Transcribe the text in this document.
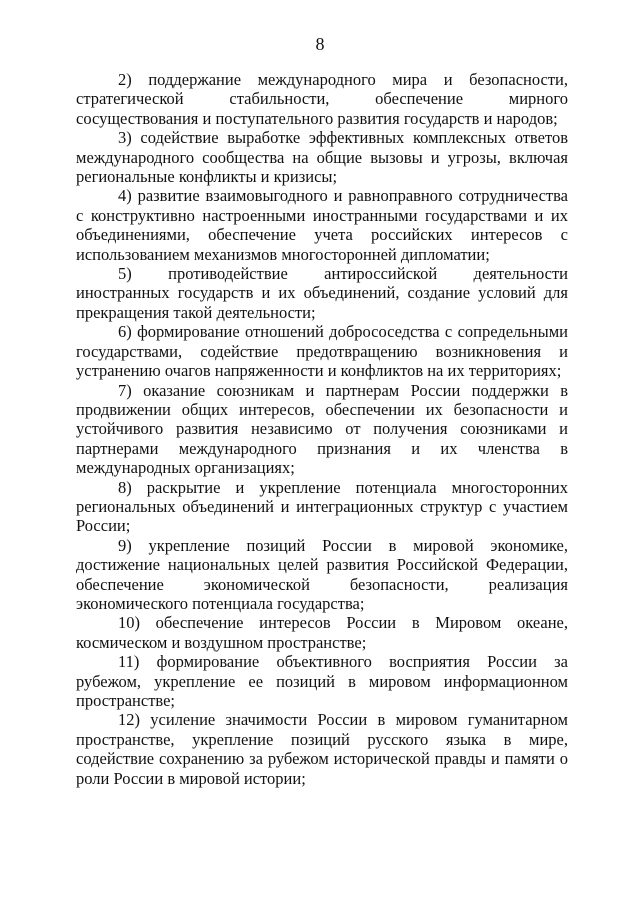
8

2) поддержание международного мира и безопасности, стратегической стабильности, обеспечение мирного сосуществования и поступательного развития государств и народов;

3) содействие выработке эффективных комплексных ответов международного сообщества на общие вызовы и угрозы, включая региональные конфликты и кризисы;

4) развитие взаимовыгодного и равноправного сотрудничества с конструктивно настроенными иностранными государствами и их объединениями, обеспечение учета российских интересов с использованием механизмов многосторонней дипломатии;

5) противодействие антироссийской деятельности иностранных государств и их объединений, создание условий для прекращения такой деятельности;

6) формирование отношений добрососедства с сопредельными государствами, содействие предотвращению возникновения и устранению очагов напряженности и конфликтов на их территориях;

7) оказание союзникам и партнерам России поддержки в продвижении общих интересов, обеспечении их безопасности и устойчивого развития независимо от получения союзниками и партнерами международного признания и их членства в международных организациях;

8) раскрытие и укрепление потенциала многосторонних региональных объединений и интеграционных структур с участием России;

9) укрепление позиций России в мировой экономике, достижение национальных целей развития Российской Федерации, обеспечение экономической безопасности, реализация экономического потенциала государства;

10) обеспечение интересов России в Мировом океане, космическом и воздушном пространстве;

11) формирование объективного восприятия России за рубежом, укрепление ее позиций в мировом информационном пространстве;

12) усиление значимости России в мировом гуманитарном пространстве, укрепление позиций русского языка в мире, содействие сохранению за рубежом исторической правды и памяти о роли России в мировой истории;
